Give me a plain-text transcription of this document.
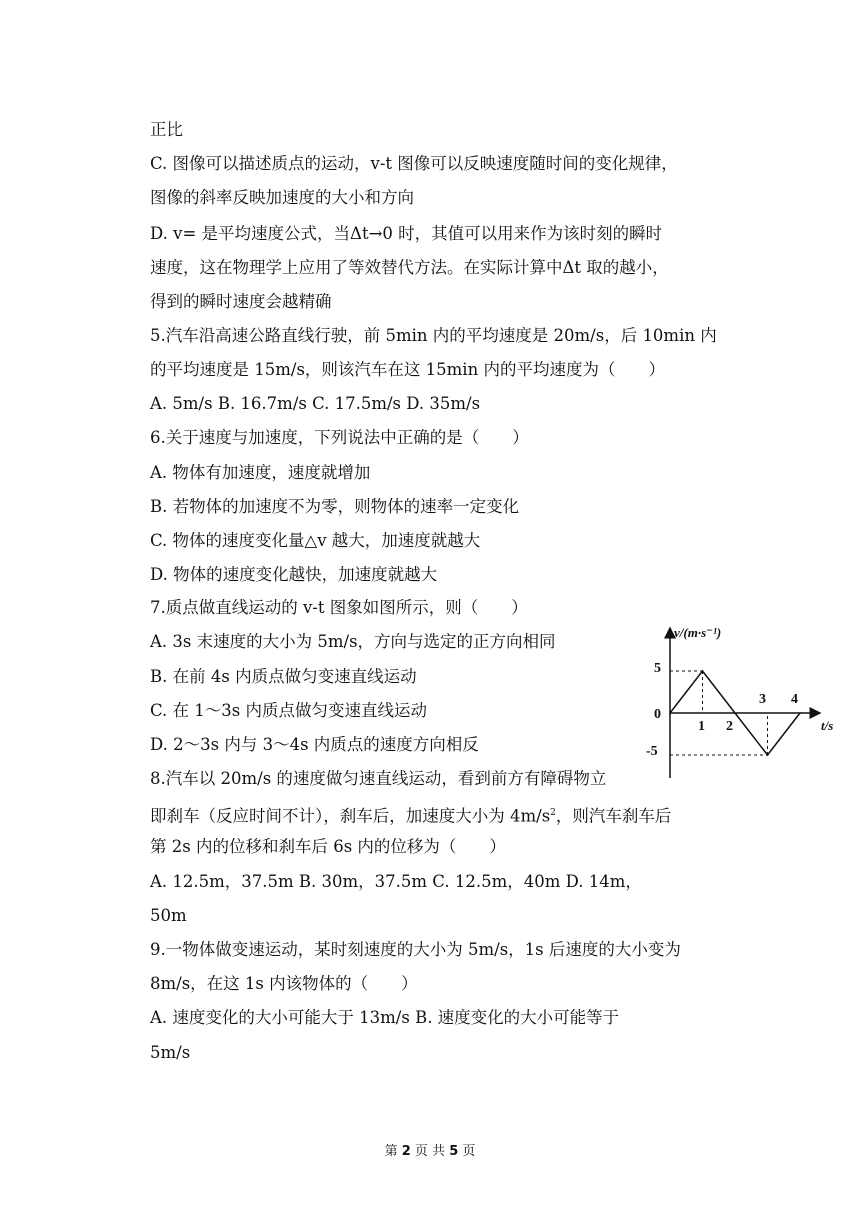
正比
C. 图像可以描述质点的运动，v-t 图像可以反映速度随时间的变化规律，
图像的斜率反映加速度的大小和方向
D. v= 是平均速度公式，当Δt→0 时，其值可以用来作为该时刻的瞬时
速度，这在物理学上应用了等效替代方法。在实际计算中Δt 取的越小，
得到的瞬时速度会越精确
5.汽车沿高速公路直线行驶，前 5min 内的平均速度是 20m/s，后 10min 内
的平均速度是 15m/s，则该汽车在这 15min 内的平均速度为（　　）
A. 5m/s B. 16.7m/s C. 17.5m/s D. 35m/s
6.关于速度与加速度，下列说法中正确的是（　　）
A. 物体有加速度，速度就增加
B. 若物体的加速度不为零，则物体的速率一定变化
C. 物体的速度变化量△v 越大，加速度就越大
D. 物体的速度变化越快，加速度就越大
7.质点做直线运动的 v-t 图象如图所示，则（　　）
A. 3s 末速度的大小为 5m/s，方向与选定的正方向相同
B. 在前 4s 内质点做匀变速直线运动
C. 在 1～3s 内质点做匀变速直线运动
D. 2～3s 内与 3～4s 内质点的速度方向相反
8.汽车以 20m/s 的速度做匀速直线运动，看到前方有障碍物立
即刹车（反应时间不计），刹车后，加速度大小为 $4m/s^2$，则汽车刹车后
第 2s 内的位移和刹车后 6s 内的位移为（　　）
A. 12.5m，37.5m B. 30m，37.5m C. 12.5m，40m D. 14m，
50m
9.一物体做变速运动，某时刻速度的大小为 5m/s，1s 后速度的大小变为
8m/s，在这 1s 内该物体的（　　）
A. 速度变化的大小可能大于 13m/s B. 速度变化的大小可能等于
5m/s
v/(m·s⁻¹)
t/s
0
5
-5
1 2
3 4
第 2 页 共 5 页
